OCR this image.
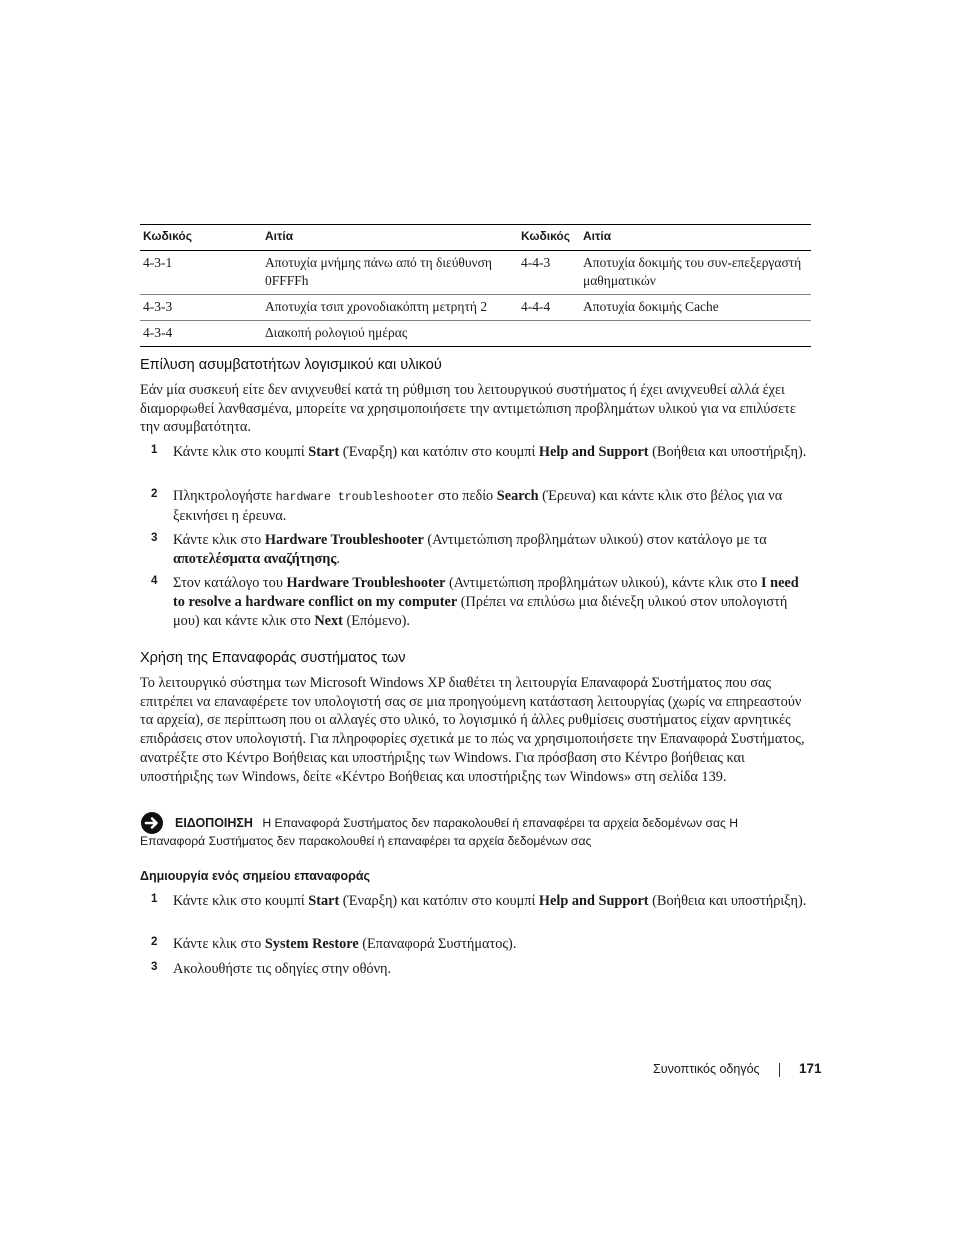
Κωδικός	Αιτία	Κωδικός	Αιτία
4-3-1	Αποτυχία μνήμης πάνω από τη διεύθυνση 0FFFFh	4-4-3	Αποτυχία δοκιμής του συν-επεξεργαστή μαθηματικών
4-3-3	Αποτυχία τσιπ χρονοδιακόπτη μετρητή 2	4-4-4	Αποτυχία δοκιμής Cache
4-3-4	Διακοπή ρολογιού ημέρας		
Επίλυση ασυμβατοτήτων λογισμικού και υλικού

Εάν μία συσκευή είτε δεν ανιχνευθεί κατά τη ρύθμιση του λειτουργικού συστήματος ή έχει ανιχνευθεί αλλά έχει διαμορφωθεί λανθασμένα, μπορείτε να χρησιμοποιήσετε την αντιμετώπιση προβλημάτων υλικού για να επιλύσετε την ασυμβατότητα.

1 Κάντε κλικ στο κουμπί Start (Έναρξη) και κατόπιν στο κουμπί Help and Support (Βοήθεια και υποστήριξη).
2 Πληκτρολογήστε hardware troubleshooter στο πεδίο Search (Έρευνα) και κάντε κλικ στο βέλος για να ξεκινήσει η έρευνα.
3 Κάντε κλικ στο Hardware Troubleshooter (Αντιμετώπιση προβλημάτων υλικού) στον κατάλογο με τα αποτελέσματα αναζήτησης.
4 Στον κατάλογο του Hardware Troubleshooter (Αντιμετώπιση προβλημάτων υλικού), κάντε κλικ στο I need to resolve a hardware conflict on my computer (Πρέπει να επιλύσω μια διένεξη υλικού στον υπολογιστή μου) και κάντε κλικ στο Next (Επόμενο).
Χρήση της Επαναφοράς συστήματος των

Το λειτουργικό σύστημα των Microsoft Windows XP διαθέτει τη λειτουργία Επαναφορά Συστήματος που σας επιτρέπει να επαναφέρετε τον υπολογιστή σας σε μια προηγούμενη κατάσταση λειτουργίας (χωρίς να επηρεαστούν τα αρχεία), σε περίπτωση που οι αλλαγές στο υλικό, το λογισμικό ή άλλες ρυθμίσεις συστήματος είχαν αρνητικές επιδράσεις στον υπολογιστή. Για πληροφορίες σχετικά με το πώς να χρησιμοποιήσετε την Επαναφορά Συστήματος, ανατρέξτε στο Κέντρο Βοήθειας και υποστήριξης των Windows. Για πρόσβαση στο Κέντρο βοήθειας και υποστήριξης των Windows, δείτε «Κέντρο Βοήθειας και υποστήριξης των Windows» στη σελίδα 139.

ΕΙΔΟΠΟΙΗΣΗ Η Επαναφορά Συστήματος δεν παρακολουθεί ή επαναφέρει τα αρχεία δεδομένων σας Η
Επαναφορά Συστήματος δεν παρακολουθεί ή επαναφέρει τα αρχεία δεδομένων σας
Δημιουργία ενός σημείου επαναφοράς
1 Κάντε κλικ στο κουμπί Start (Έναρξη) και κατόπιν στο κουμπί Help and Support (Βοήθεια και υποστήριξη).
2 Κάντε κλικ στο System Restore (Επαναφορά Συστήματος).
3 Ακολουθήστε τις οδηγίες στην οθόνη.
Συνοπτικός οδηγός	171
